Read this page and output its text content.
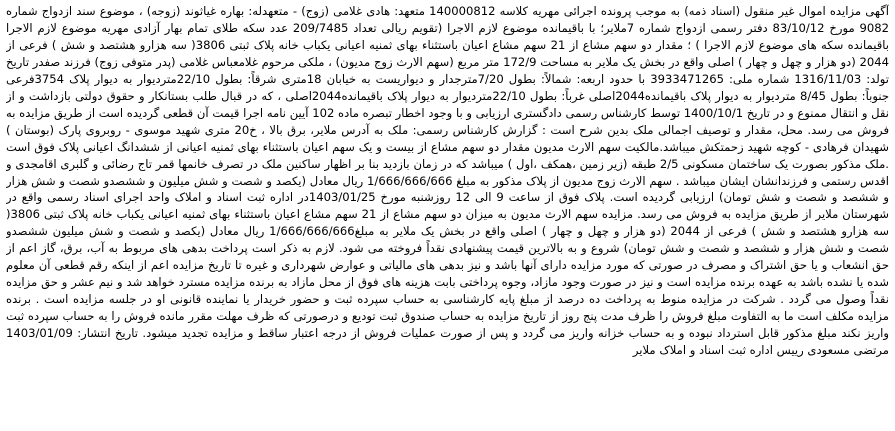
آگهی مزایده اموال غیر منقول (اسناد ذمه) به موجب پرونده اجرائی مهریه کلاسه 140000812 متعهد: هادی غلامی (زوج) - متعهدله: بهاره غیاثوند (زوجه) ، موضوع سند ازدواج شماره 9082 مورخ 83/10/12 دفتر رسمی ازدواج شماره 7ملایر؛ با باقیمانده موضوع لازم الاجرا (تقویم ریالی تعداد 209/7485 عدد سکه طلای تمام بهار آزادی مهریه موضوع لازم الاجرا باقیمانده سکه های موضوع لازم الاجرا ) ؛ مقدار دو سهم مشاع از 21 سهم مشاع اعیان باستثناء بهای ثمنیه اعیانی یکباب خانه پلاک ثبتی 3806( سه هزارو هشتصد و شش ) فرعی از 2044 (دو هزار و چهل و چهار ) اصلی واقع در بخش یک ملایر به مساحت 172/9 متر مربع (سهم الارث زوج مدیون) ، ملکی مرحوم غلامعباس غلامی (پدر متوفی زوج) فرزند صفدر تاریخ تولد: 1316/11/03 شماره ملی: 3933471265 با حدود اربعه: شمالاً: بطول 7/20مترجدار و دیواریست به خیابان 18متری شرقاً: بطول 22/10متردیوار به دیوار پلاک 3754فرعی جنوباً: بطول 8/45 متردیوار به دیوار پلاک باقیمانده2044اصلی غرباً: بطول 22/10متردیوار به دیوار پلاک باقیمانده2044اصلی ، که در قبال طلب بستانکار و حقوق دولتی بازداشت و از نقل و انتقال ممنوع و در تاریخ 1400/10/1 توسط کارشناس رسمی دادگستری ارزیابی و با وجود اخطار تبصره ماده 102 آیین نامه اجرا قیمت آن قطعی گردیده است از طریق مزایده به فروش می رسد. محل، مقدار و توصیف اجمالی ملک بدین شرح است : گزارش کارشناس رسمی: ملک به آدرس ملایر، برق بالا ، خ20 متری شهید موسوی - روبروی پارک (بوستان ) شهیدان فرهادی - کوچه شهید زحمتکش میباشد.مالکیت سهم الارث مدیون مقدار دو سهم مشاع از بیست و یک سهم اعیان باستثناء بهای ثمنیه اعیانی از ششدانگ اعیانی پلاک فوق است .ملک مذکور بصورت یک ساختمان مسکونی 2/5 طبقه (زیر زمین ،همکف ،اول ) میباشد که در زمان بازدید بنا بر اظهار ساکنین ملک در تصرف خانمها قمر تاج رضائی و گلبری اقامجدی و اقدس رستمی و فرزندانشان ایشان میباشد . سهم الارث زوج مدیون از پلاک مذکور به مبلغ 1/666/666/666 ریال معادل (یکصد و شصت و شش میلیون و ششصدو شصت و شش هزار و ششصد و شصت و شش تومان) ارزیابی گردیده است. پلاک فوق از ساعت 9 الی 12 روزشنبه مورخ 1403/01/25در اداره ثبت اسناد و املاک واحد اجرای اسناد رسمی واقع در شهرستان ملایر از طریق مزایده به فروش می رسد. مزایده سهم الارث مدیون به میزان دو سهم مشاع از 21 سهم مشاع اعیان باستثناء بهای ثمنیه اعیانی یکباب خانه پلاک ثبتی 3806( سه هزارو هشتصد و شش ) فرعی از 2044 (دو هزار و چهل و چهار ) اصلی واقع در بخش یک ملایر به مبلغ1/666/666/666 ریال معادل (یکصد و شصت و شش میلیون ششصدو شصت و شش هزار و ششصد و شصت و شش تومان) شروع و به بالاترین قیمت پیشنهادی نقداً فروخته می شود. لازم به ذکر است پرداخت بدهی های مربوط به آب، برق، گاز اعم از حق انشعاب و یا حق اشتراک و مصرف در صورتی که مورد مزایده دارای آنها باشد و نیز بدهی های مالیاتی و عوارض شهرداری و غیره تا تاریخ مزایده اعم از اینکه رقم قطعی آن معلوم شده یا نشده باشد به عهده برنده مزایده است و نیز در صورت وجود مازاد، وجوه پرداختی بابت هزینه های فوق از محل مازاد به برنده مزایده مسترد خواهد شد و نیم عشر و حق مزایده نقداً وصول می گردد . شرکت در مزایده منوط به پرداخت ده درصد از مبلغ پایه کارشناسی به حساب سپرده ثبت و حضور خریدار یا نماینده قانونی او در جلسه مزایده است . برنده مزایده مکلف است ما به التفاوت مبلغ فروش را ظرف مدت پنج روز از تاریخ مزایده به حساب صندوق ثبت تودیع و درصورتی که ظرف مهلت مقرر مانده فروش را به حساب سپرده ثبت واریز نکند مبلغ مذکور قابل استرداد نبوده و به حساب خزانه واریز می گردد و پس از صورت عملیات فروش از درجه اعتبار ساقط و مزایده تجدید میشود. تاریخ انتشار: 1403/01/09 مرتضی مسعودی رییس اداره ثبت اسناد و املاک ملایر
